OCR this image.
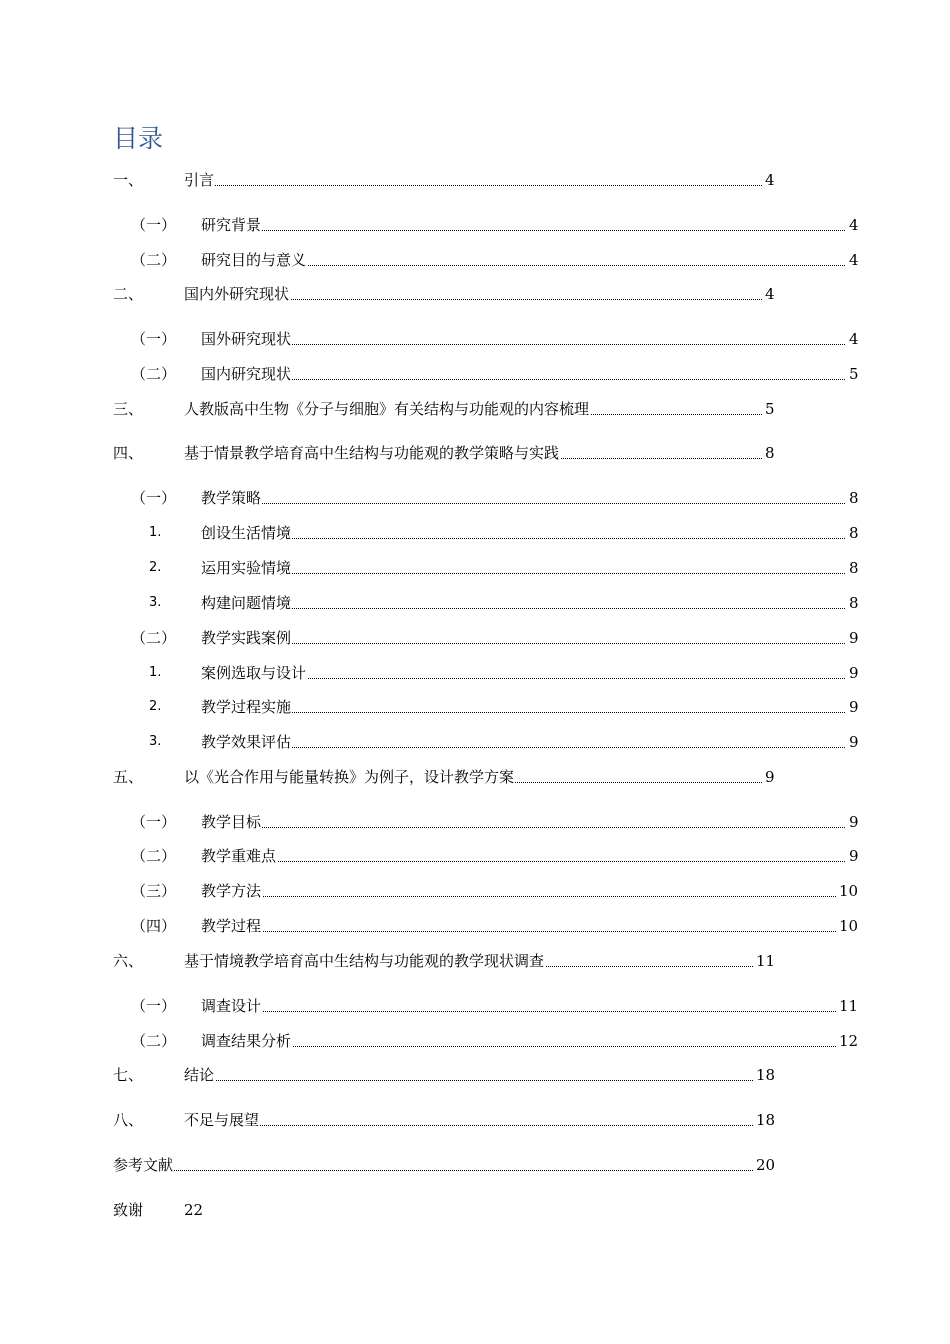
目录
一、	引言	4
（一） 研究背景	4
（二） 研究目的与意义	4
二、	国内外研究现状	4
（一） 国外研究现状	4
（二） 国内研究现状	5
三、	人教版高中生物《分子与细胞》有关结构与功能观的内容梳理	5
四、	基于情景教学培育高中生结构与功能观的教学策略与实践	8
（一） 教学策略	8
1.	创设生活情境	8
2.	运用实验情境	8
3.	构建问题情境	8
（二） 教学实践案例	9
1.	案例选取与设计	9
2.	教学过程实施	9
3.	教学效果评估	9
五、	以《光合作用与能量转换》为例子，设计教学方案	9
（一） 教学目标	9
（二） 教学重难点	9
（三） 教学方法	10
（四） 教学过程	10
六、	基于情境教学培育高中生结构与功能观的教学现状调查	11
（一） 调查设计	11
（二） 调查结果分析	12
七、	结论	18
八、	不足与展望	18
参考文献	20
致谢	22
